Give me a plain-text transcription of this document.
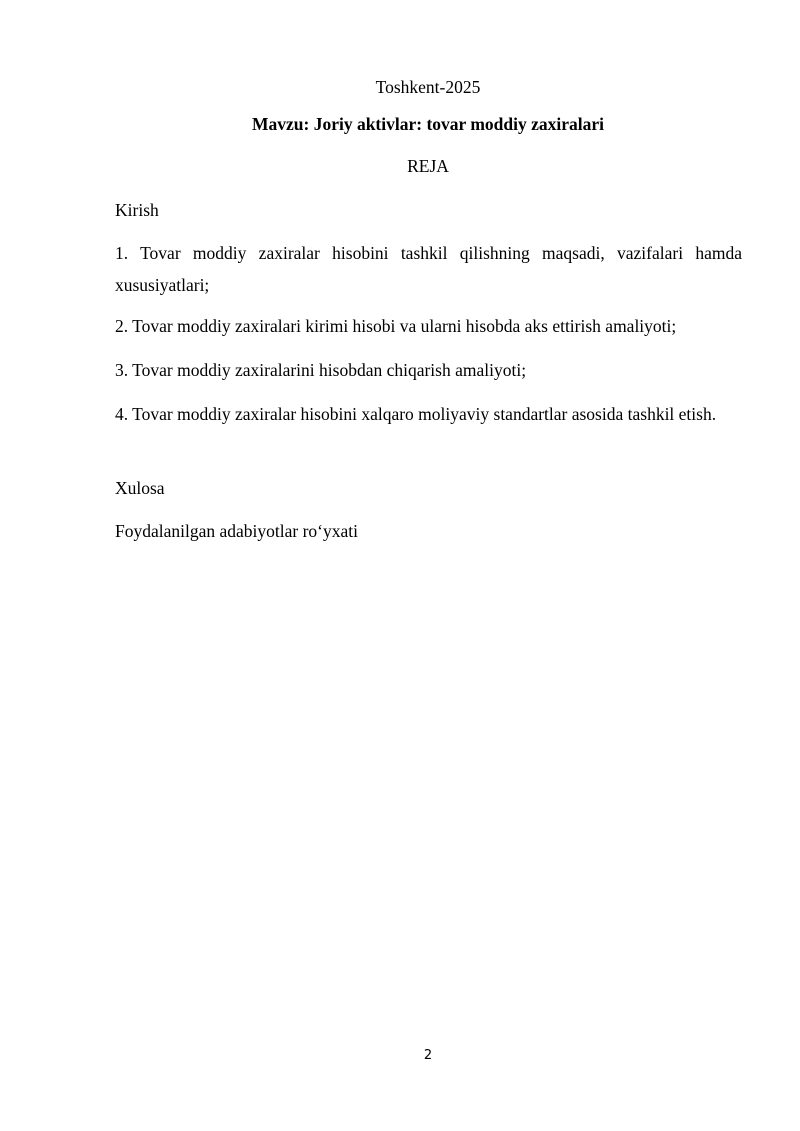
Toshkent-2025
Mavzu: Joriy aktivlar: tovar moddiy zaxiralari
REJA
Kirish
1. Tovar moddiy zaxiralar hisobini tashkil qilishning maqsadi, vazifalari hamda xususiyatlari;
2. Tovar moddiy zaxiralari kirimi hisobi va ularni hisobda aks ettirish amaliyoti;
3. Tovar moddiy zaxiralarini hisobdan chiqarish amaliyoti;
4. Tovar moddiy zaxiralar hisobini xalqaro moliyaviy standartlar asosida tashkil etish.
Xulosa
Foydalanilgan adabiyotlar ro‘yxati
2
